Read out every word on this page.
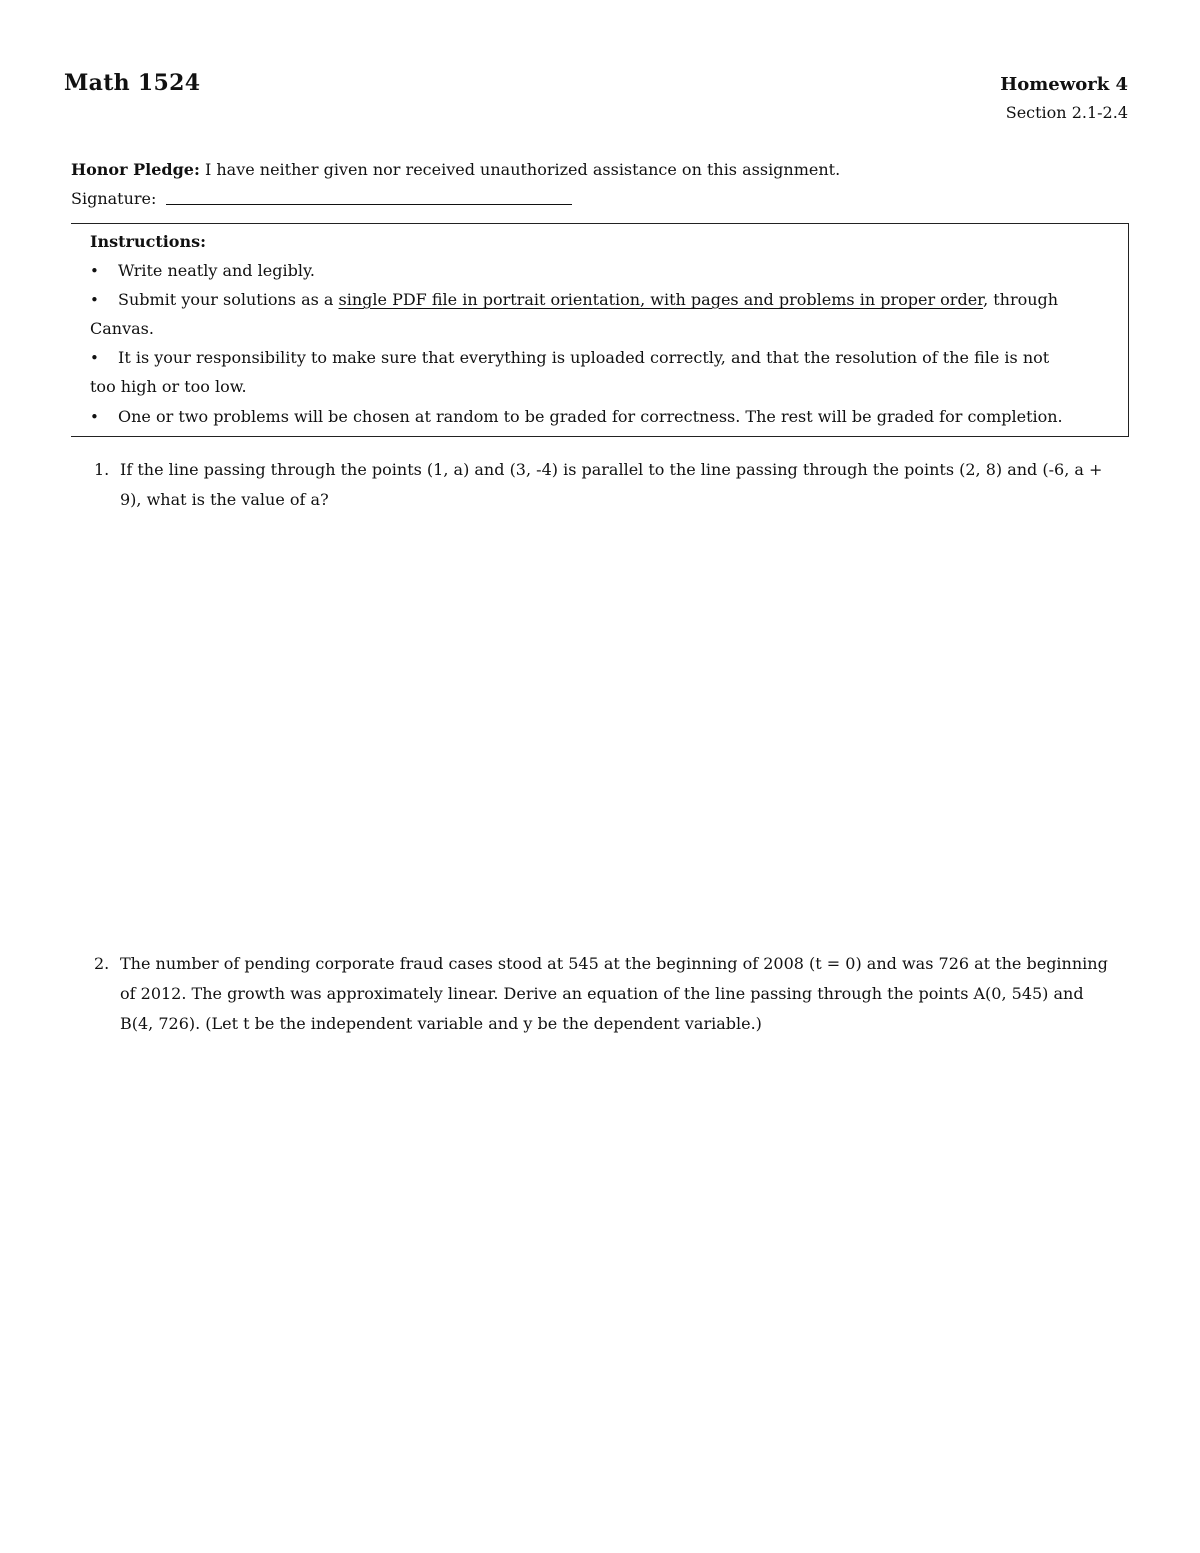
Math 1524	Homework 4
Section 2.1-2.4
Honor Pledge: I have neither given nor received unauthorized assistance on this assignment.
Signature:
Instructions:
• Write neatly and legibly.
• Submit your solutions as a single PDF file in portrait orientation, with pages and problems in proper order, through
Canvas.
• It is your responsibility to make sure that everything is uploaded correctly, and that the resolution of the file is not
too high or too low.
• One or two problems will be chosen at random to be graded for correctness. The rest will be graded for completion.
1. If the line passing through the points (1, a) and (3, -4) is parallel to the line passing through the points (2, 8) and (-6, a + 9), what is the value of a?
2. The number of pending corporate fraud cases stood at 545 at the beginning of 2008 (t = 0) and was 726 at the beginning of 2012. The growth was approximately linear. Derive an equation of the line passing through the points A(0, 545) and B(4, 726). (Let t be the independent variable and y be the dependent variable.)
